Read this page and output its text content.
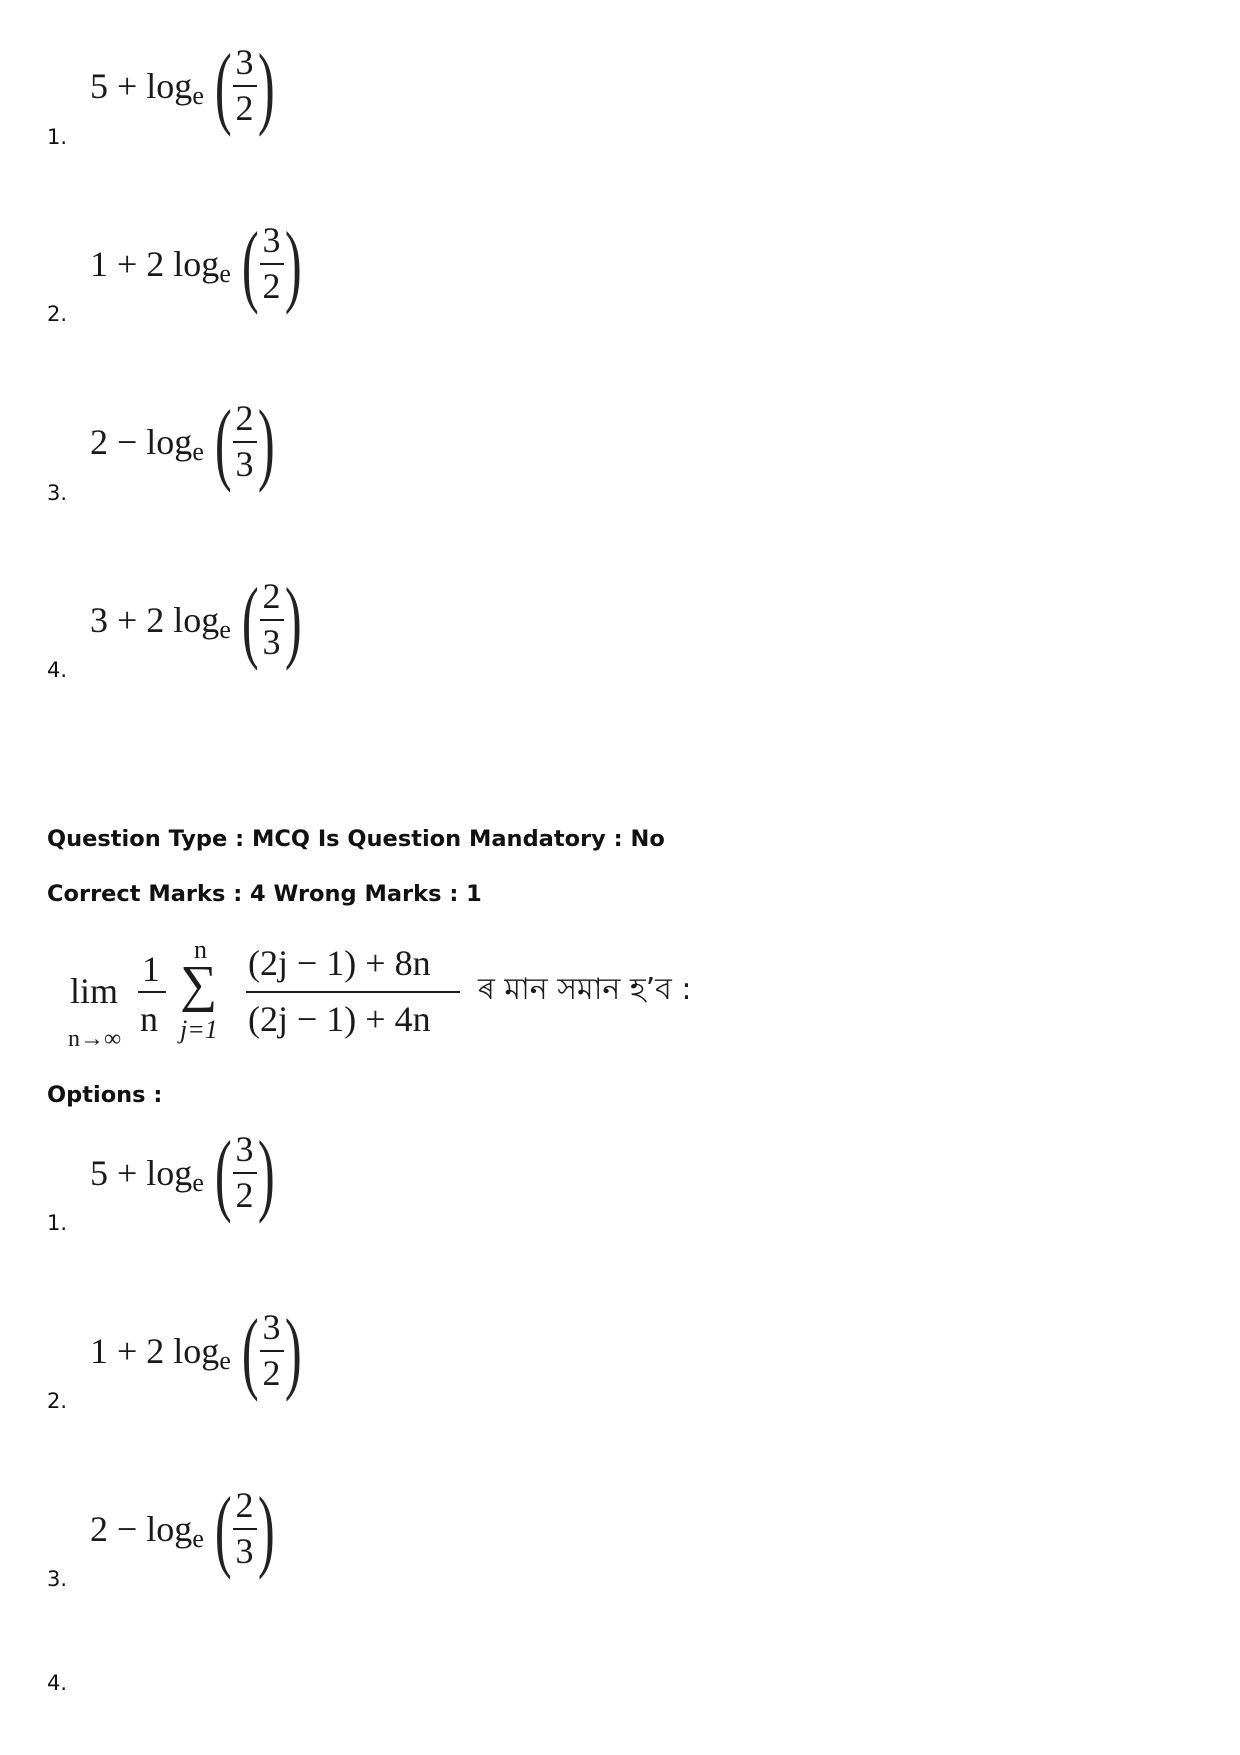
5 + log e ( $\frac{3}{2}$ )
1.
1 + 2 log e ( $\frac{3}{2}$ )
2.
2 − log e ( $\frac{2}{3}$ )
3.
3 + 2 log e ( $\frac{2}{3}$ )
4.
Question Type : MCQ Is Question Mandatory : No
Correct Marks : 4 Wrong Marks : 1
lim
n→∞
1
n
n
∑
j=1
(2j − 1) + 8n
(2j − 1) + 4n
ৰ মান সমান হ’ব :
Options :
5 + log e ( $\frac{3}{2}$ )
1.
1 + 2 log e ( $\frac{3}{2}$ )
2.
2 − log e ( $\frac{2}{3}$ )
3.
4.
